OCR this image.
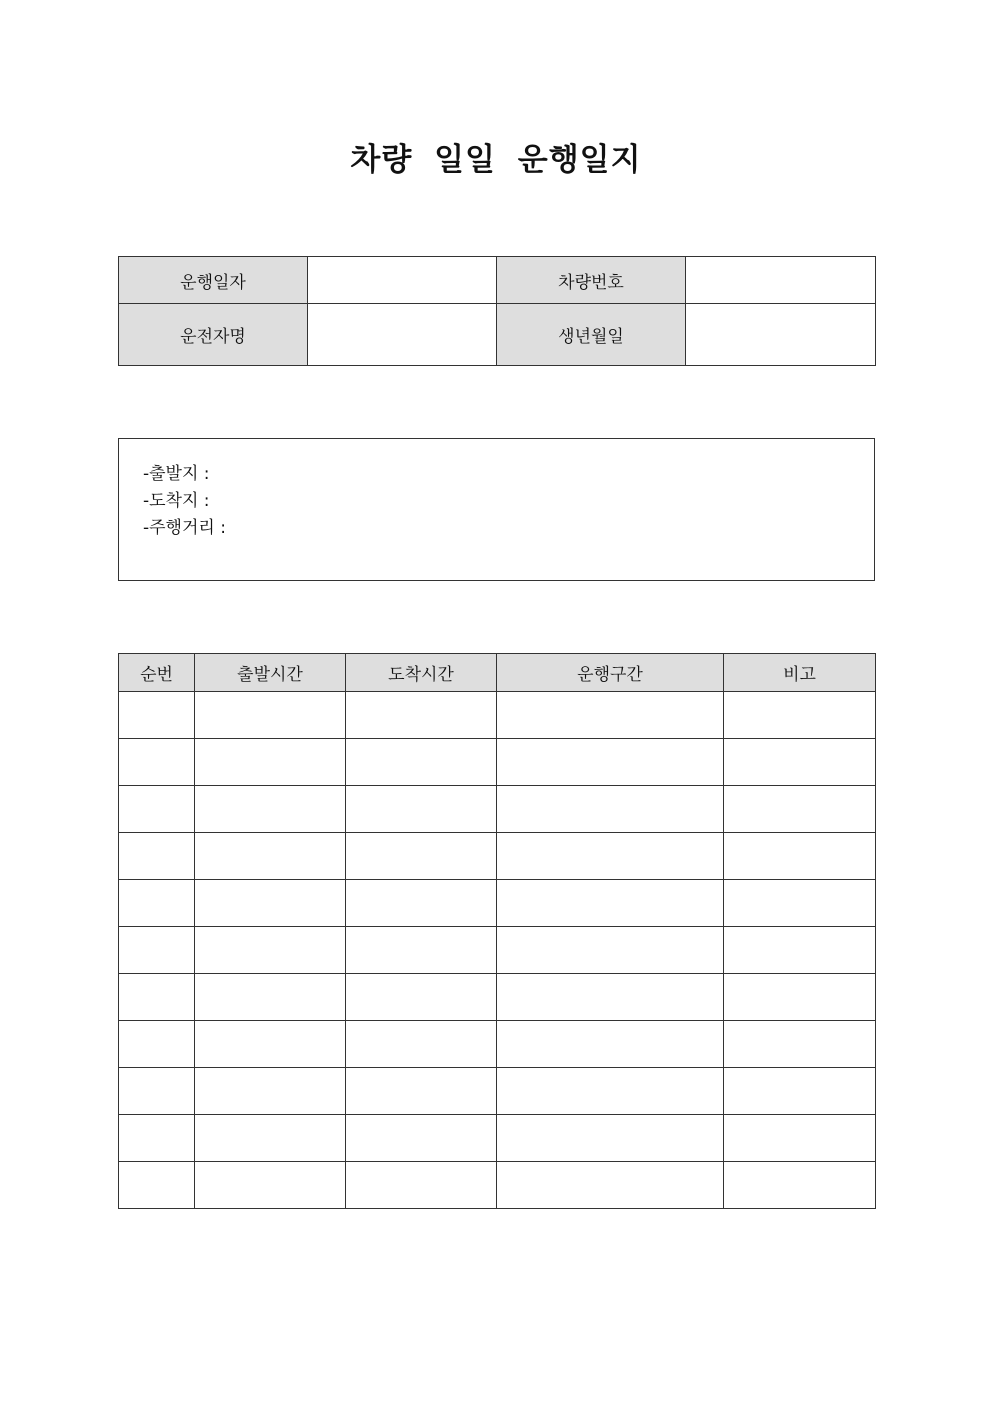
차량 일일 운행일지
운행일자		차량번호	
운전자명		생년월일	
-출발지 :
-도착지 :
-주행거리 :
순번	출발시간	도착시간	운행구간	비고
